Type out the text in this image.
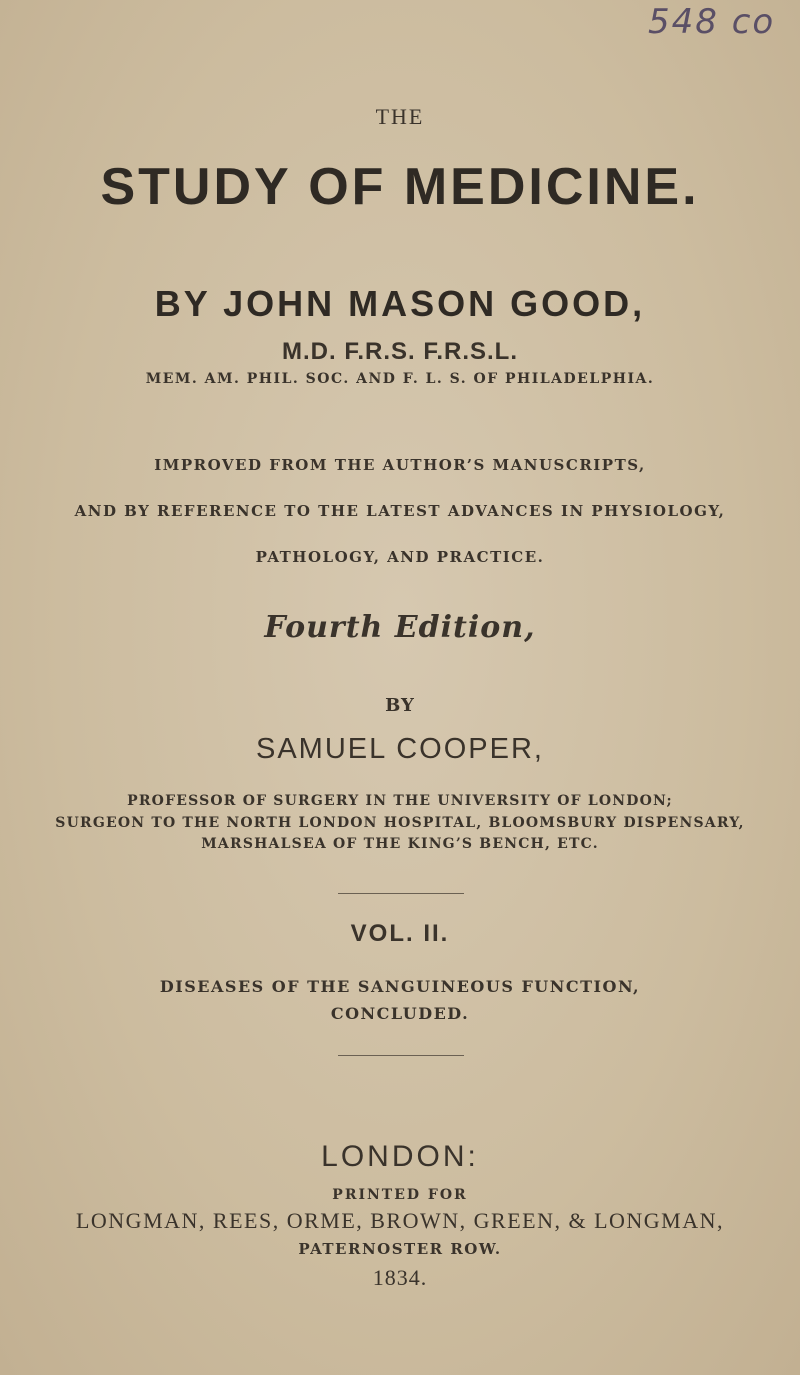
548 co
THE
STUDY OF MEDICINE.
BY JOHN MASON GOOD,
M.D. F.R.S. F.R.S.L.
MEM. AM. PHIL. SOC. AND F. L. S. OF PHILADELPHIA.
IMPROVED FROM THE AUTHOR’S MANUSCRIPTS,
AND BY REFERENCE TO THE LATEST ADVANCES IN PHYSIOLOGY,
PATHOLOGY, AND PRACTICE.
Fourth Edition,
BY
SAMUEL COOPER,
PROFESSOR OF SURGERY IN THE UNIVERSITY OF LONDON;
SURGEON TO THE NORTH LONDON HOSPITAL, BLOOMSBURY DISPENSARY,
MARSHALSEA OF THE KING’S BENCH, ETC.
VOL. II.
DISEASES OF THE SANGUINEOUS FUNCTION,
CONCLUDED.
LONDON:
PRINTED FOR
LONGMAN, REES, ORME, BROWN, GREEN, & LONGMAN,
PATERNOSTER ROW.
1834.
